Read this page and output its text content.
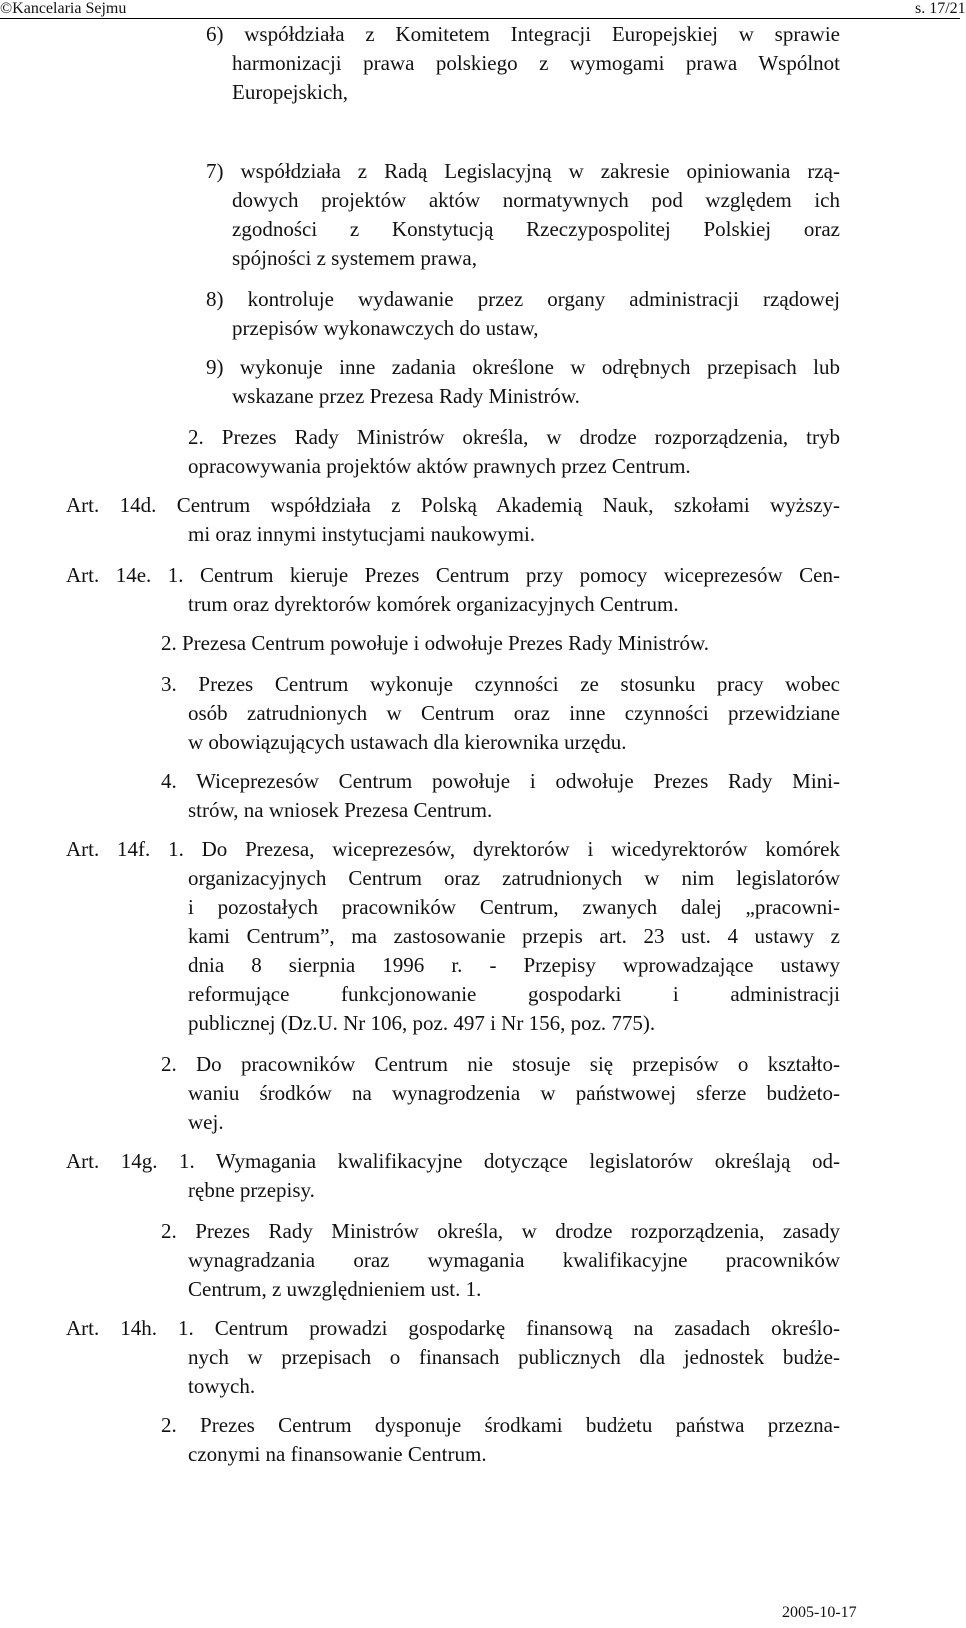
©Kancelaria Sejmu	s. 17/21
6) współdziała z Komitetem Integracji Europejskiej w sprawie
harmonizacji prawa polskiego z wymogami prawa Wspólnot
Europejskich,
7) współdziała z Radą Legislacyjną w zakresie opiniowania rzą-
dowych projektów aktów normatywnych pod względem ich
zgodności z Konstytucją Rzeczypospolitej Polskiej oraz
spójności z systemem prawa,
8) kontroluje wydawanie przez organy administracji rządowej
przepisów wykonawczych do ustaw,
9) wykonuje inne zadania określone w odrębnych przepisach lub
wskazane przez Prezesa Rady Ministrów.
2. Prezes Rady Ministrów określa, w drodze rozporządzenia, tryb
opracowywania projektów aktów prawnych przez Centrum.
Art. 14d. Centrum współdziała z Polską Akademią Nauk, szkołami wyższy-
mi oraz innymi instytucjami naukowymi.
Art. 14e. 1. Centrum kieruje Prezes Centrum przy pomocy wiceprezesów Cen-
trum oraz dyrektorów komórek organizacyjnych Centrum.
2. Prezesa Centrum powołuje i odwołuje Prezes Rady Ministrów.
3. Prezes Centrum wykonuje czynności ze stosunku pracy wobec
osób zatrudnionych w Centrum oraz inne czynności przewidziane
w obowiązujących ustawach dla kierownika urzędu.
4. Wiceprezesów Centrum powołuje i odwołuje Prezes Rady Mini-
strów, na wniosek Prezesa Centrum.
Art. 14f. 1. Do Prezesa, wiceprezesów, dyrektorów i wicedyrektorów komórek
organizacyjnych Centrum oraz zatrudnionych w nim legislatorów
i pozostałych pracowników Centrum, zwanych dalej „pracowni-
kami Centrum”, ma zastosowanie przepis art. 23 ust. 4 ustawy z
dnia 8 sierpnia 1996 r. - Przepisy wprowadzające ustawy
reformujące funkcjonowanie gospodarki i administracji
publicznej (Dz.U. Nr 106, poz. 497 i Nr 156, poz. 775).
2. Do pracowników Centrum nie stosuje się przepisów o kształto-
waniu środków na wynagrodzenia w państwowej sferze budżeto-
wej.
Art. 14g. 1. Wymagania kwalifikacyjne dotyczące legislatorów określają od-
rębne przepisy.
2. Prezes Rady Ministrów określa, w drodze rozporządzenia, zasady
wynagradzania oraz wymagania kwalifikacyjne pracowników
Centrum, z uwzględnieniem ust. 1.
Art. 14h. 1. Centrum prowadzi gospodarkę finansową na zasadach określo-
nych w przepisach o finansach publicznych dla jednostek budże-
towych.
2. Prezes Centrum dysponuje środkami budżetu państwa przezna-
czonymi na finansowanie Centrum.
2005-10-17
